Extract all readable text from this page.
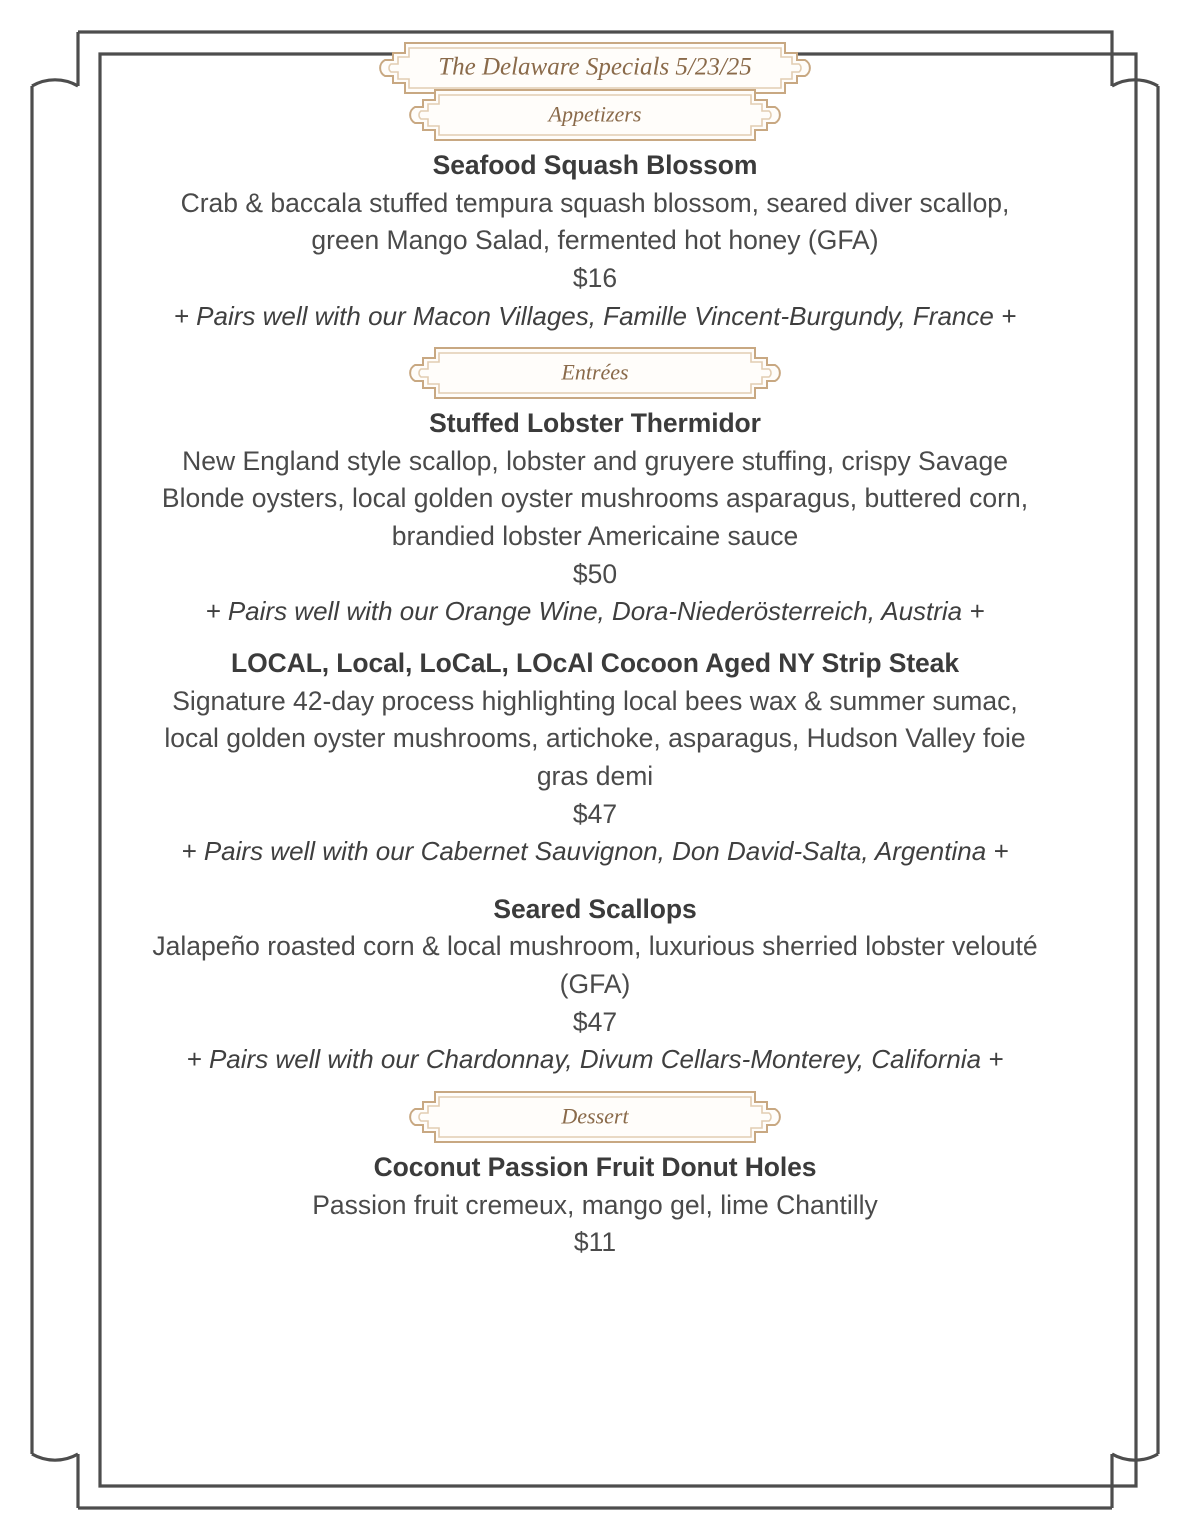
The Delaware Specials 5/23/25
Appetizers
Seafood Squash Blossom
Crab & baccala stuffed tempura squash blossom, seared diver scallop, green Mango Salad, fermented hot honey (GFA)
$16
+ Pairs well with our Macon Villages, Famille Vincent-Burgundy, France +
Entrées
Stuffed Lobster Thermidor
New England style scallop, lobster and gruyere stuffing, crispy Savage Blonde oysters, local golden oyster mushrooms asparagus, buttered corn, brandied lobster Americaine sauce
$50
+ Pairs well with our Orange Wine, Dora-Niederösterreich, Austria +
LOCAL, Local, LoCaL, LOcAl Cocoon Aged NY Strip Steak
Signature 42-day process highlighting local bees wax & summer sumac, local golden oyster mushrooms, artichoke, asparagus, Hudson Valley foie gras demi
$47
+ Pairs well with our Cabernet Sauvignon, Don David-Salta, Argentina +
Seared Scallops
Jalapeño roasted corn & local mushroom, luxurious sherried lobster velouté (GFA)
$47
+ Pairs well with our Chardonnay, Divum Cellars-Monterey, California +
Dessert
Coconut Passion Fruit Donut Holes
Passion fruit cremeux, mango gel, lime Chantilly
$11
